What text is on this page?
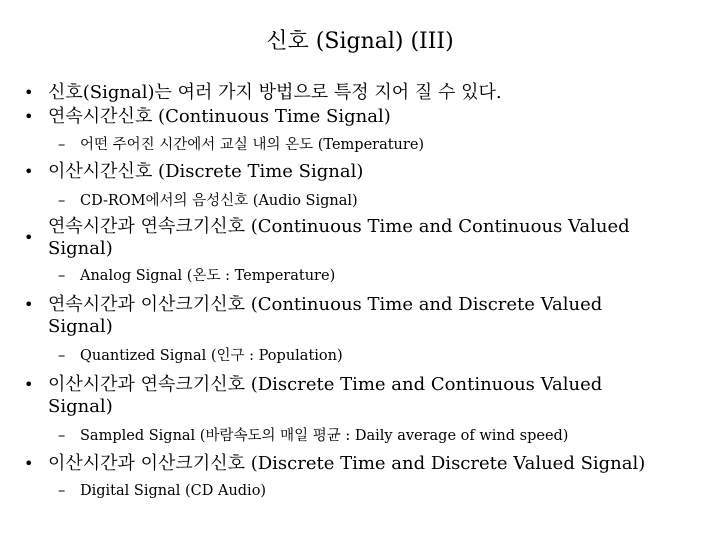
신호 (Signal) (III)
• 신호(Signal)는 여러 가지 방법으로 특정 지어 질 수 있다.
• 연속시간신호 (Continuous Time Signal)
– 어떤 주어진 시간에서 교실 내의 온도 (Temperature)
• 이산시간신호 (Discrete Time Signal)
– CD-ROM에서의 음성신호 (Audio Signal)
•
연속시간과 연속크기신호 (Continuous Time and Continuous Valued
Signal)
– Analog Signal (온도 : Temperature)
• 연속시간과 이산크기신호 (Continuous Time and Discrete Valued
Signal)
– Quantized Signal (인구 : Population)
• 이산시간과 연속크기신호 (Discrete Time and Continuous Valued
Signal)
– Sampled Signal (바람속도의 매일 평균 : Daily average of wind speed)
• 이산시간과 이산크기신호 (Discrete Time and Discrete Valued Signal)
– Digital Signal (CD Audio)
